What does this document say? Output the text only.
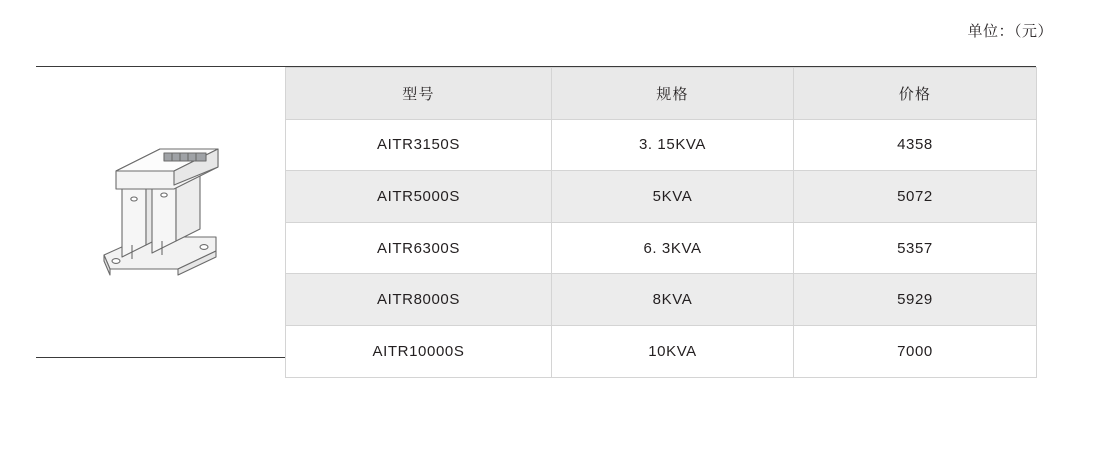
单位：（元）
型号	规格	价格
AITR3150S	3. 15KVA	4358
AITR5000S	5KVA	5072
AITR6300S	6. 3KVA	5357
AITR8000S	8KVA	5929
AITR10000S	10KVA	7000
